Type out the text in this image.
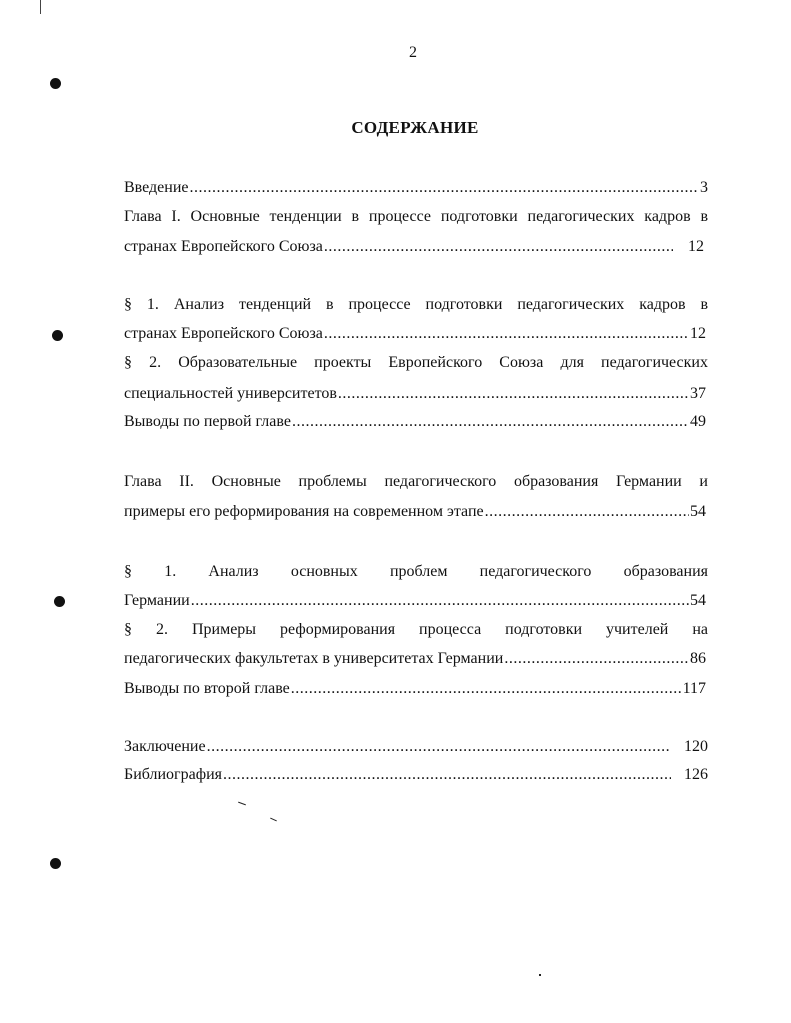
2
СОДЕРЖАНИЕ
Введение .....	3
Глава I. Основные тенденции в процессе подготовки педагогических кадров в
странах Европейского Союза .....	12
§ 1. Анализ тенденций в процессе подготовки педагогических кадров в
странах Европейского Союза .....	12
§ 2. Образовательные проекты Европейского Союза для педагогических
специальностей университетов .....	37
Выводы по первой главе .....	49
Глава II. Основные проблемы педагогического образования Германии и
примеры его реформирования на современном этапе .....	54
§ 1. Анализ основных проблем педагогического образования
Германии .....	54
§ 2. Примеры реформирования процесса подготовки учителей на
педагогических факультетах в университетах Германии .....	86
Выводы по второй главе .....	117
Заключение .....	120
Библиография .....	126
